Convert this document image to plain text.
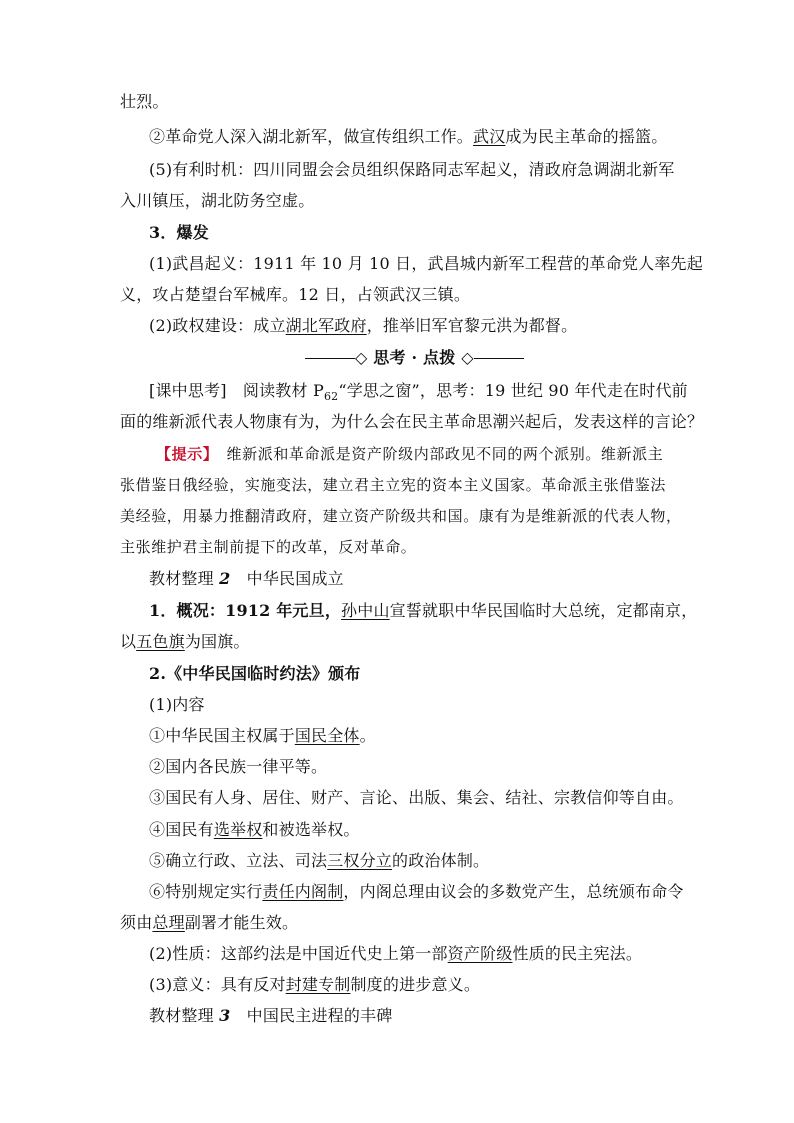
壮烈。
②革命党人深入湖北新军，做宣传组织工作。武汉成为民主革命的摇篮。
(5)有利时机：四川同盟会会员组织保路同志军起义，清政府急调湖北新军
入川镇压，湖北防务空虚。
3．爆发
(1)武昌起义：1911 年 10 月 10 日，武昌城内新军工程营的革命党人率先起
义，攻占楚望台军械库。12 日，占领武汉三镇。
(2)政权建设：成立湖北军政府，推举旧军官黎元洪为都督。
◇ 思考 · 点拨 ◇
[课中思考]　阅读教材 $P_{62}“$学思之窗”，思考：19 世纪 90 年代走在时代前
面的维新派代表人物康有为，为什么会在民主革命思潮兴起后，发表这样的言论？
【提示】　 维新派和革命派是资产阶级内部政见不同的两个派别。维新派主
张借鉴日俄经验，实施变法，建立君主立宪的资本主义国家。革命派主张借鉴法
美经验，用暴力推翻清政府，建立资产阶级共和国。康有为是维新派的代表人物，
主张维护君主制前提下的改革，反对革命。
教材整理 2　中华民国成立
1．概况：1912 年元旦，孙中山宣誓就职中华民国临时大总统，定都南京，
以五色旗为国旗。
2.《中华民国临时约法》颁布
(1)内容
①中华民国主权属于国民全体。
②国内各民族一律平等。
③国民有人身、居住、财产、言论、出版、集会、结社、宗教信仰等自由。
④国民有选举权和被选举权。
⑤确立行政、立法、司法三权分立的政治体制。
⑥特别规定实行责任内阁制，内阁总理由议会的多数党产生，总统颁布命令
须由总理副署才能生效。
(2)性质：这部约法是中国近代史上第一部资产阶级性质的民主宪法。
(3)意义：具有反对封建专制制度的进步意义。
教材整理 3　中国民主进程的丰碑
